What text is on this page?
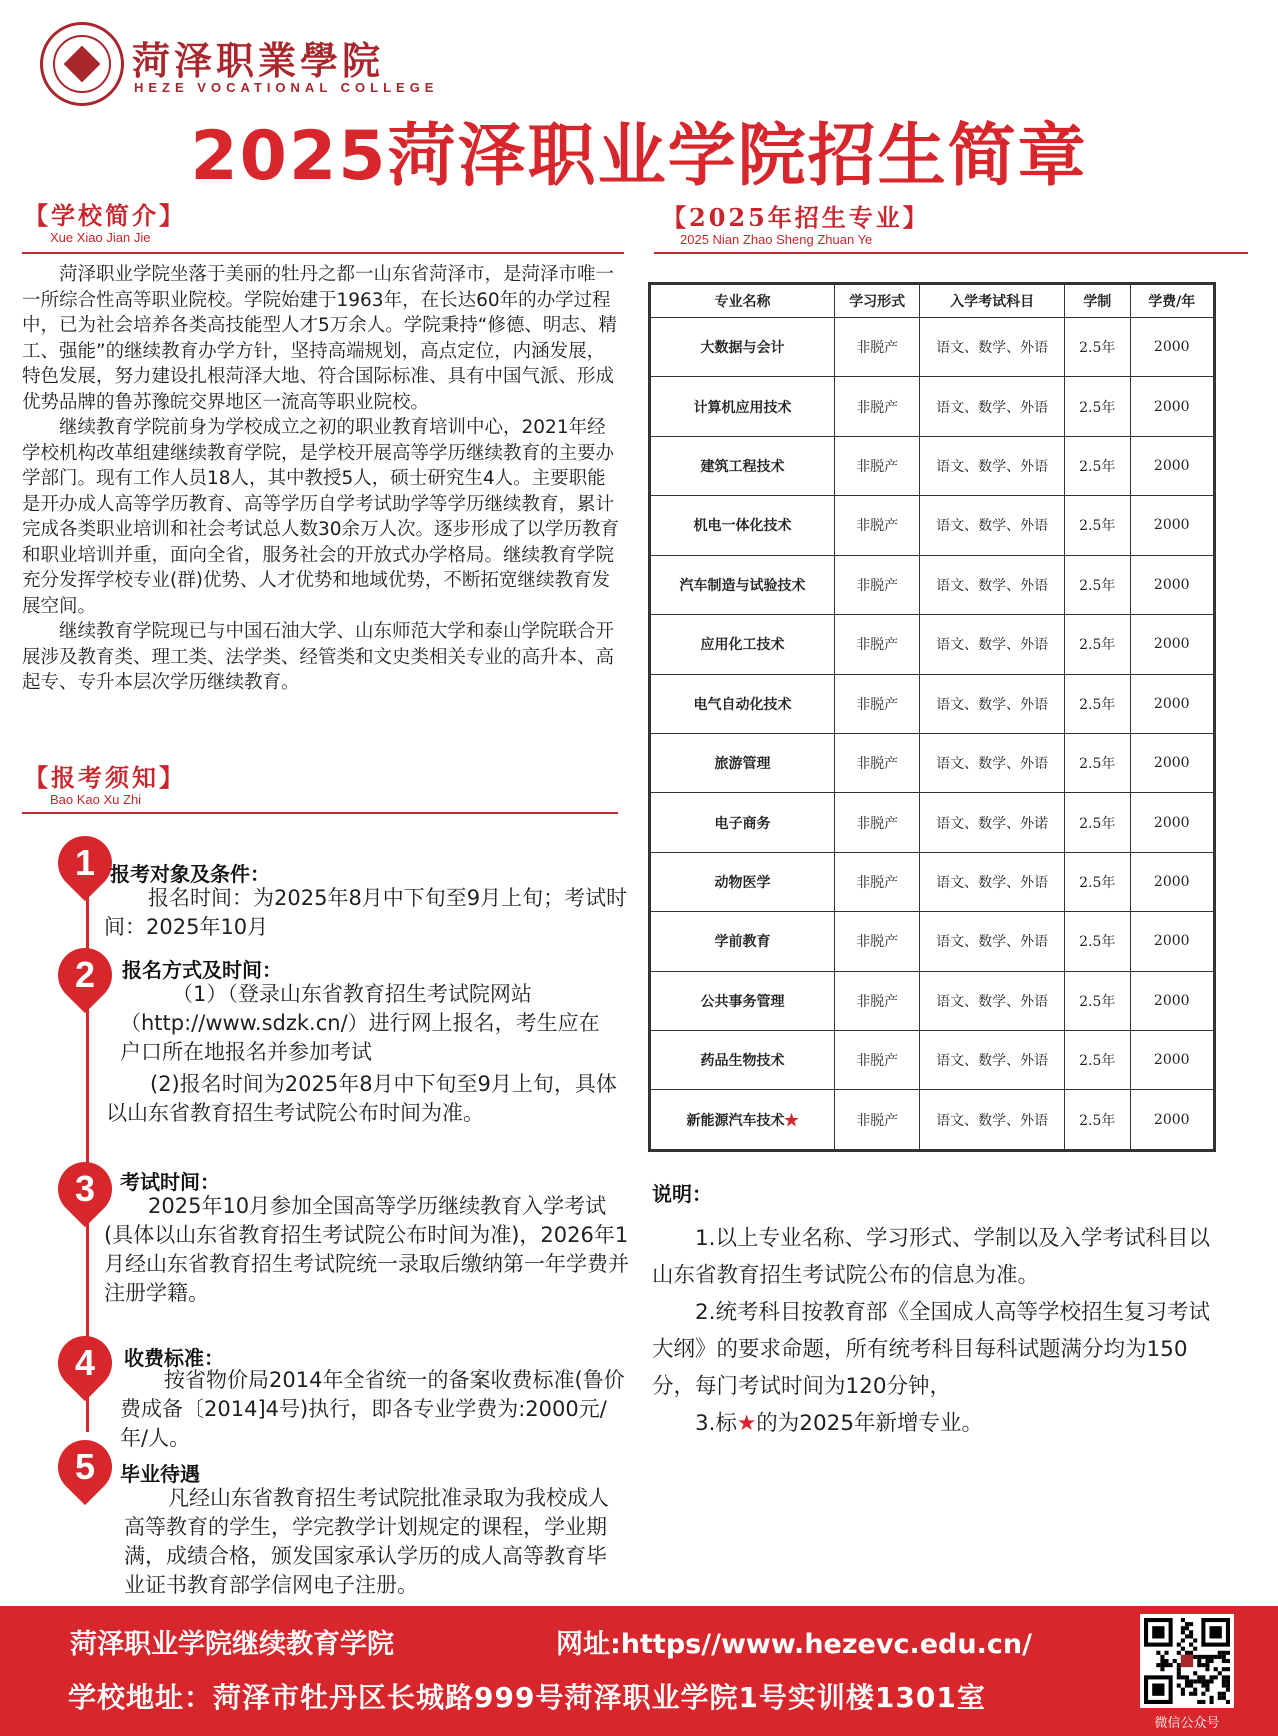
菏泽职業學院
HEZE VOCATIONAL COLLEGE
2025菏泽职业学院招生简章
【学校简介】
Xue Xiao Jian Jie

菏泽职业学院坐落于美丽的牡丹之都一山东省菏泽市，是菏泽市唯一一所综合性高等职业院校。学院始建于1963年，在长达60年的办学过程中，已为社会培养各类高技能型人才5万余人。学院秉持“修德、明志、精工、强能”的继续教育办学方针，坚持高端规划，高点定位，内涵发展，特色发展，努力建设扎根菏泽大地、符合国际标准、具有中国气派、形成优势品牌的鲁苏豫皖交界地区一流高等职业院校。

继续教育学院前身为学校成立之初的职业教育培训中心，2021年经学校机构改革组建继续教育学院，是学校开展高等学历继续教育的主要办学部门。现有工作人员18人，其中教授5人，硕士研究生4人。主要职能是开办成人高等学历教育、高等学历自学考试助学等学历继续教育，累计完成各类职业培训和社会考试总人数30余万人次。逐步形成了以学历教育和职业培训并重，面向全省，服务社会的开放式办学格局。继续教育学院充分发挥学校专业(群)优势、人才优势和地域优势，不断拓宽继续教育发展空间。

继续教育学院现已与中国石油大学、山东师范大学和泰山学院联合开展涉及教育类、理工类、法学类、经管类和文史类相关专业的高升本、高起专、专升本层次学历继续教育。

【报考须知】
Bao Kao Xu Zhi
1 报考对象及条件：
报名时间：为2025年8月中下旬至9月上旬；考试时间：2025年10月
2	报名方式及时间：
（1）（登录山东省教育招生考试院网站（http://www.sdzk.cn/）进行网上报名，考生应在户口所在地报名并参加考试
(2)报名时间为2025年8月中下旬至9月上旬，具体以山东省教育招生考试院公布时间为准。
3	考试时间：
2025年10月参加全国高等学历继续教育入学考试(具体以山东省教育招生考试院公布时间为准)，2026年1月经山东省教育招生考试院统一录取后缴纳第一年学费并注册学籍。
4	收费标准：
按省物价局2014年全省统一的备案收费标准(鲁价费成备〔2014]4号)执行，即各专业学费为:2000元/年/人。
5	毕业待遇
凡经山东省教育招生考试院批准录取为我校成人高等教育的学生，学完教学计划规定的课程，学业期满，成绩合格，颁发国家承认学历的成人高等教育毕业证书教育部学信网电子注册。
【2025年招生专业】
2025 Nian Zhao Sheng Zhuan Ye
专业名称	学习形式	入学考试科目	学制	学费/年
大数据与会计	非脱产	语文、数学、外语	2.5年	2000
计算机应用技术	非脱产	语文、数学、外语	2.5年	2000
建筑工程技术	非脱产	语文、数学、外语	2.5年	2000
机电一体化技术	非脱产	语文、数学、外语	2.5年	2000
汽车制造与试验技术	非脱产	语文、数学、外语	2.5年	2000
应用化工技术	非脱产	语文、数学、外语	2.5年	2000
电气自动化技术	非脱产	语文、数学、外语	2.5年	2000
旅游管理	非脱产	语文、数学、外语	2.5年	2000
电子商务	非脱产	语文、数学、外诺	2.5年	2000
动物医学	非脱产	语文、数学、外语	2.5年	2000
学前教育	非脱产	语文、数学、外语	2.5年	2000
公共事务管理	非脱产	语文、数学、外语	2.5年	2000
药品生物技术	非脱产	语文、数学、外语	2.5年	2000
新能源汽车技术★	非脱产	语文、数学、外语	2.5年	2000
说明：

1.以上专业名称、学习形式、学制以及入学考试科目以山东省教育招生考试院公布的信息为准。

2.统考科目按教育部《全国成人高等学校招生复习考试大纲》的要求命题，所有统考科目每科试题满分均为150分，每门考试时间为120分钟，

3.标★的为2025年新增专业。

菏泽职业学院继续教育学院	网址:https//www.hezevc.edu.cn/
学校地址：菏泽市牡丹区长城路999号菏泽职业学院1号实训楼1301室
微信公众号
